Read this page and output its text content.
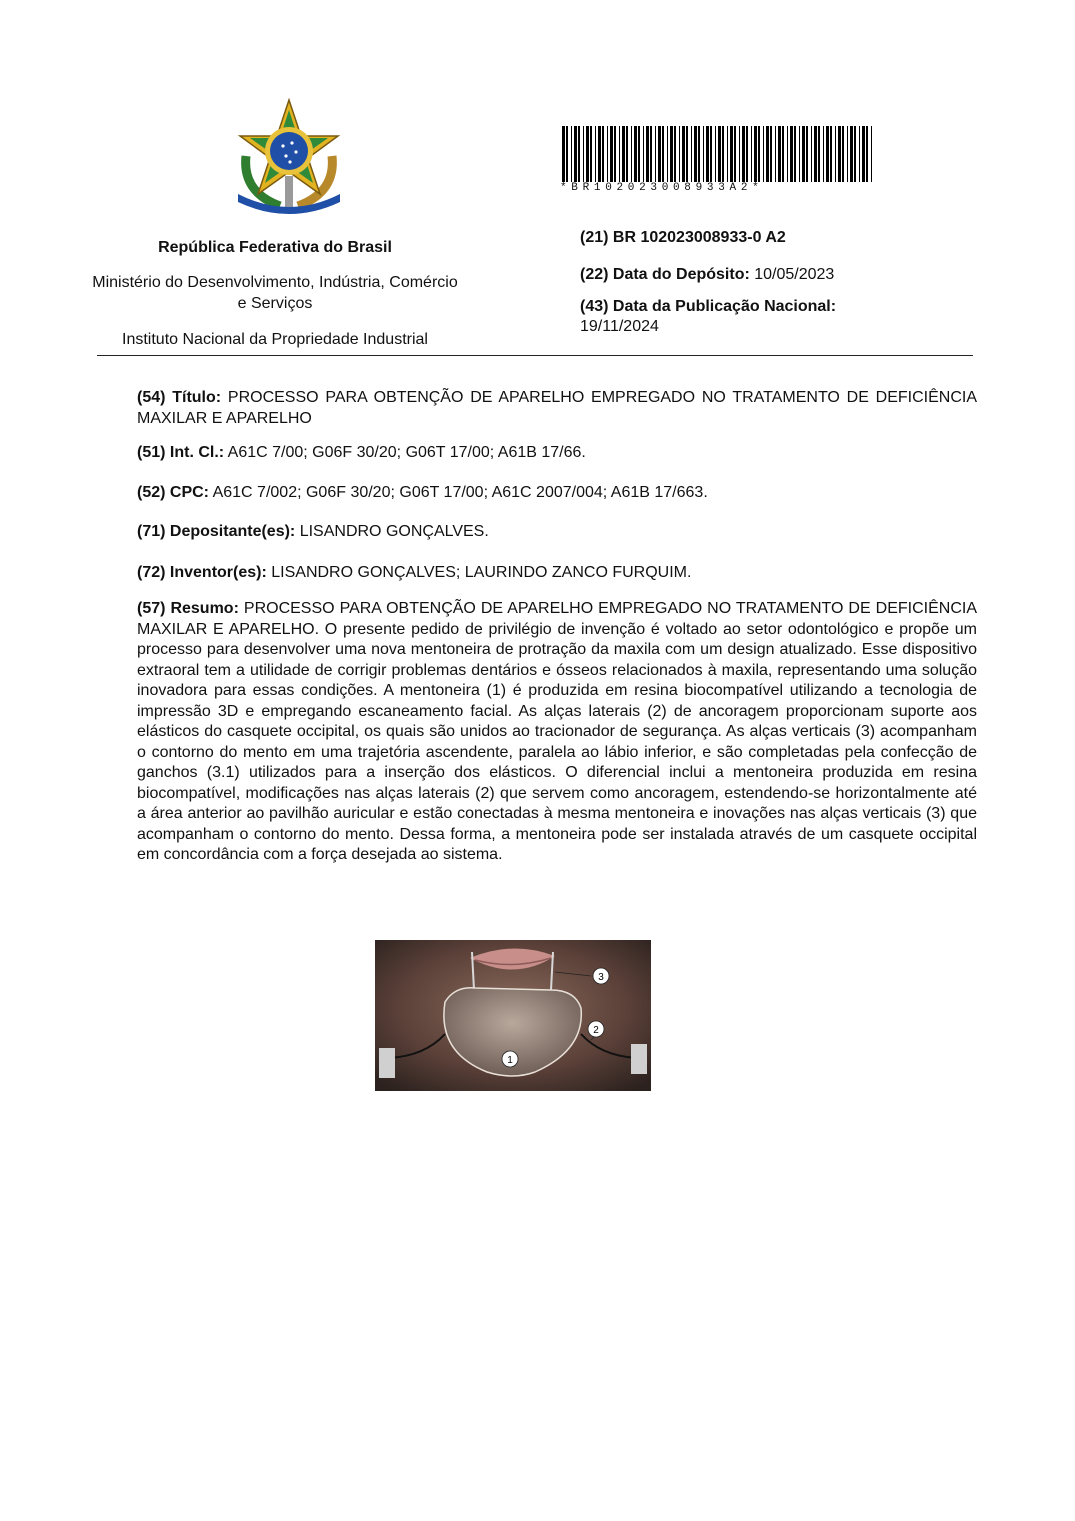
República Federativa do Brasil
Ministério do Desenvolvimento, Indústria, Comércio e Serviços
Instituto Nacional da Propriedade Industrial
*BR102023008933A2*
(21) BR 102023008933-0 A2
(22) Data do Depósito: 10/05/2023
(43) Data da Publicação Nacional:
19/11/2024
(54) Título: PROCESSO PARA OBTENÇÃO DE APARELHO EMPREGADO NO TRATAMENTO DE DEFICIÊNCIA MAXILAR E APARELHO
(51) Int. Cl.: A61C 7/00; G06F 30/20; G06T 17/00; A61B 17/66.
(52) CPC: A61C 7/002; G06F 30/20; G06T 17/00; A61C 2007/004; A61B 17/663.
(71) Depositante(es): LISANDRO GONÇALVES.
(72) Inventor(es): LISANDRO GONÇALVES; LAURINDO ZANCO FURQUIM.
(57) Resumo: PROCESSO PARA OBTENÇÃO DE APARELHO EMPREGADO NO TRATAMENTO DE DEFICIÊNCIA MAXILAR E APARELHO. O presente pedido de privilégio de invenção é voltado ao setor odontológico e propõe um processo para desenvolver uma nova mentoneira de protração da maxila com um design atualizado. Esse dispositivo extraoral tem a utilidade de corrigir problemas dentários e ósseos relacionados à maxila, representando uma solução inovadora para essas condições. A mentoneira (1) é produzida em resina biocompatível utilizando a tecnologia de impressão 3D e empregando escaneamento facial. As alças laterais (2) de ancoragem proporcionam suporte aos elásticos do casquete occipital, os quais são unidos ao tracionador de segurança. As alças verticais (3) acompanham o contorno do mento em uma trajetória ascendente, paralela ao lábio inferior, e são completadas pela confecção de ganchos (3.1) utilizados para a inserção dos elásticos. O diferencial inclui a mentoneira produzida em resina biocompatível, modificações nas alças laterais (2) que servem como ancoragem, estendendo-se horizontalmente até a área anterior ao pavilhão auricular e estão conectadas à mesma mentoneira e inovações nas alças verticais (3) que acompanham o contorno do mento. Dessa forma, a mentoneira pode ser instalada através de um casquete occipital em concordância com a força desejada ao sistema.
3
2
1
